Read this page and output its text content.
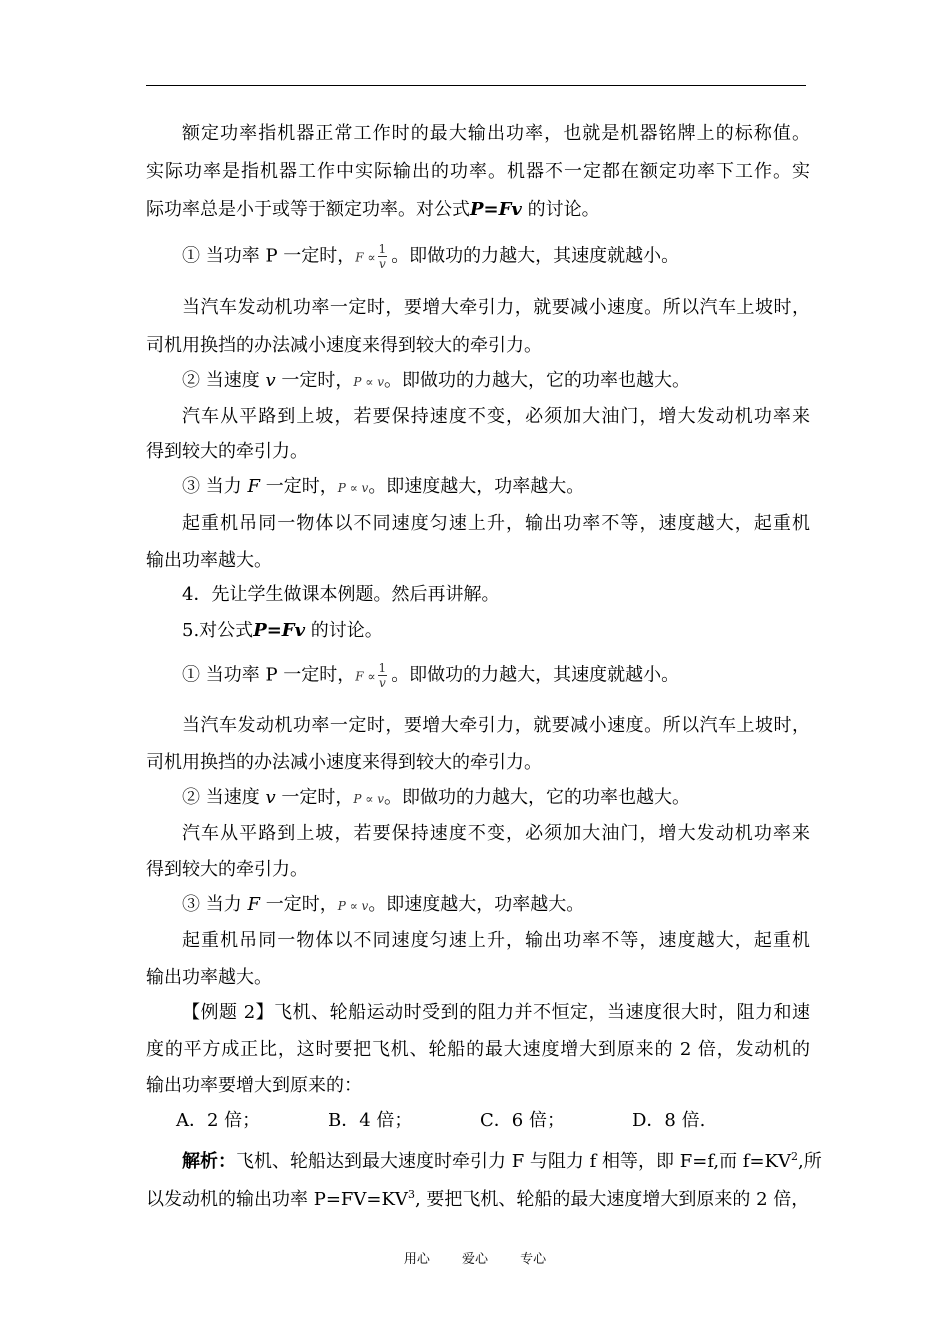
额定功率指机器正常工作时的最大输出功率，也就是机器铭牌上的标称值。
实际功率是指机器工作中实际输出的功率。机器不一定都在额定功率下工作。实
际功率总是小于或等于额定功率。对公式P=Fv 的讨论。
① 当功率 P 一定时，$F \propto \frac{1}{v}$ 。即做功的力越大，其速度就越小。
当汽车发动机功率一定时，要增大牵引力，就要减小速度。所以汽车上坡时，
司机用换挡的办法减小速度来得到较大的牵引力。
② 当速度 v 一定时，P ∝ v。即做功的力越大，它的功率也越大。
汽车从平路到上坡，若要保持速度不变，必须加大油门，增大发动机功率来
得到较大的牵引力。
③ 当力 F 一定时，P ∝ v。即速度越大，功率越大。
起重机吊同一物体以不同速度匀速上升，输出功率不等，速度越大，起重机
输出功率越大。
4．先让学生做课本例题。然后再讲解。
5.对公式P=Fv 的讨论。
① 当功率 P 一定时，$F \propto \frac{1}{v}$ 。即做功的力越大，其速度就越小。
当汽车发动机功率一定时，要增大牵引力，就要减小速度。所以汽车上坡时，
司机用换挡的办法减小速度来得到较大的牵引力。
② 当速度 v 一定时，P ∝ v。即做功的力越大，它的功率也越大。
汽车从平路到上坡，若要保持速度不变，必须加大油门，增大发动机功率来
得到较大的牵引力。
③ 当力 F 一定时，P ∝ v。即速度越大，功率越大。
起重机吊同一物体以不同速度匀速上升，输出功率不等，速度越大，起重机
输出功率越大。
【例题 2】飞机、轮船运动时受到的阻力并不恒定，当速度很大时，阻力和速
度的平方成正比，这时要把飞机、轮船的最大速度增大到原来的 2 倍，发动机的
输出功率要增大到原来的：
A．2 倍；	B．4 倍；	C．6 倍；	D．8 倍.
解析：飞机、轮船达到最大速度时牵引力 F 与阻力 f 相等，即 F=f,而 $f=KV^2$,所
以发动机的输出功率 $P=FV=KV^3$, 要把飞机、轮船的最大速度增大到原来的 2 倍，
用心 爱心 专心
